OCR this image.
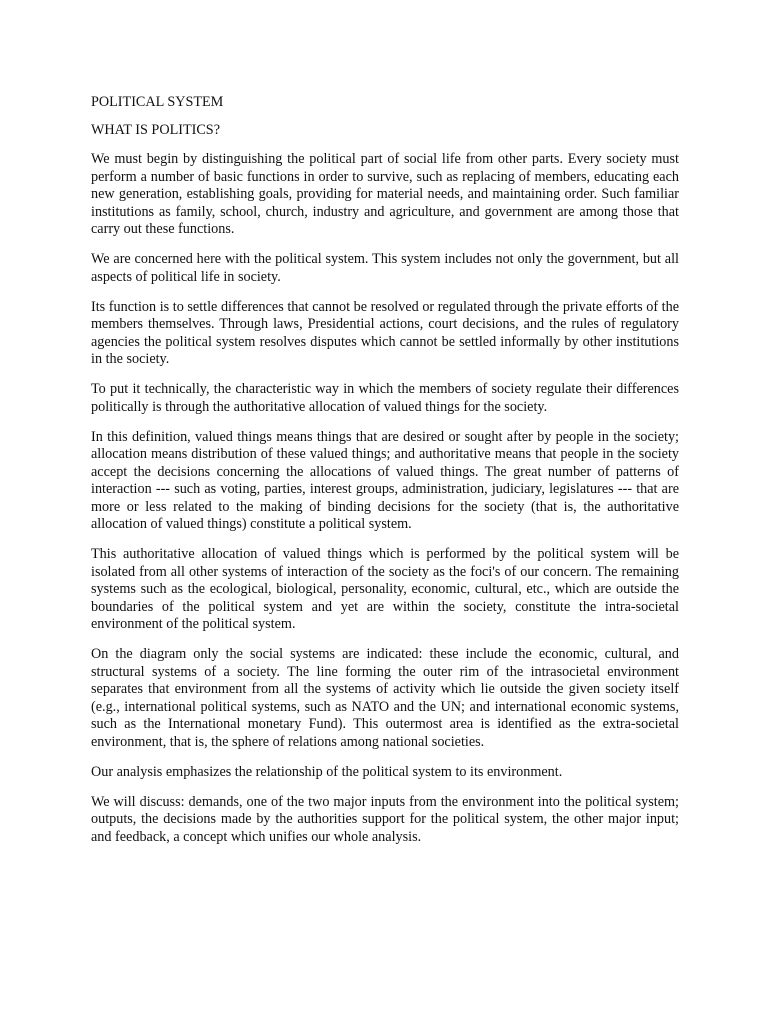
POLITICAL SYSTEM
WHAT IS POLITICS?

We must begin by distinguishing the political part of social life from other parts. Every society must perform a number of basic functions in order to survive, such as replacing of members, educating each new generation, establishing goals, providing for material needs, and maintaining order. Such familiar institutions as family, school, church, industry and agriculture, and government are among those that carry out these functions.

We are concerned here with the political system. This system includes not only the government, but all aspects of political life in society.

Its function is to settle differences that cannot be resolved or regulated through the private efforts of the members themselves. Through laws, Presidential actions, court decisions, and the rules of regulatory agencies the political system resolves disputes which cannot be settled informally by other institutions in the society.

To put it technically, the characteristic way in which the members of society regulate their differences politically is through the authoritative allocation of valued things for the society.

In this definition, valued things means things that are desired or sought after by people in the society; allocation means distribution of these valued things; and authoritative means that people in the society accept the decisions concerning the allocations of valued things. The great number of patterns of interaction --- such as voting, parties, interest groups, administration, judiciary, legislatures --- that are more or less related to the making of binding decisions for the society (that is, the authoritative allocation of valued things) constitute a political system.

This authoritative allocation of valued things which is performed by the political system will be isolated from all other systems of interaction of the society as the foci's of our concern. The remaining systems such as the ecological, biological, personality, economic, cultural, etc., which are outside the boundaries of the political system and yet are within the society, constitute the intra-societal environment of the political system.

On the diagram only the social systems are indicated: these include the economic, cultural, and structural systems of a society. The line forming the outer rim of the intrasocietal environment separates that environment from all the systems of activity which lie outside the given society itself (e.g., international political systems, such as NATO and the UN; and international economic systems, such as the International monetary Fund). This outermost area is identified as the extra-societal environment, that is, the sphere of relations among national societies.

Our analysis emphasizes the relationship of the political system to its environment.

We will discuss: demands, one of the two major inputs from the environment into the political system; outputs, the decisions made by the authorities support for the political system, the other major input; and feedback, a concept which unifies our whole analysis.
